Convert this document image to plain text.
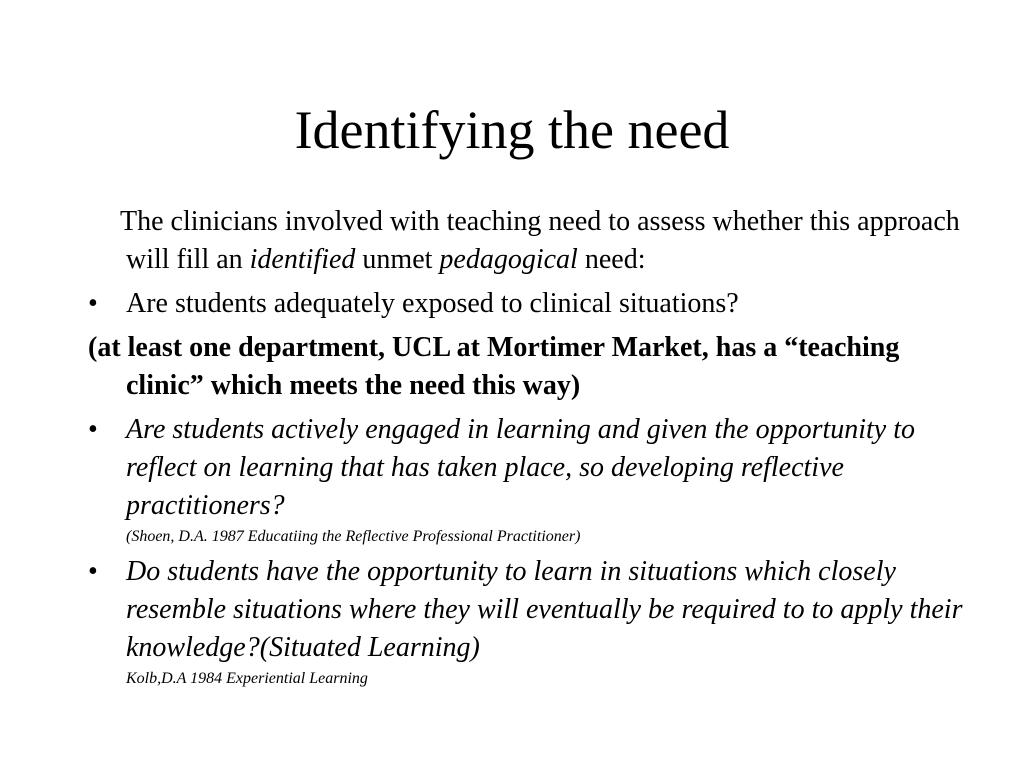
Identifying the need
The clinicians involved with teaching need to assess whether this approach will fill an identified unmet pedagogical need:
•	Are students adequately exposed to clinical situations?
(at least one department, UCL at Mortimer Market, has a “teaching clinic” which meets the need this way)
•	Are students actively engaged in learning and given the opportunity to reflect on learning that has taken place, so developing reflective practitioners?
(Shoen, D.A. 1987 Educatiing the Reflective Professional Practitioner)
•	Do students have the opportunity to learn in situations which closely resemble situations where they will eventually be required to to apply their knowledge?(Situated Learning)
Kolb,D.A 1984 Experiential Learning
